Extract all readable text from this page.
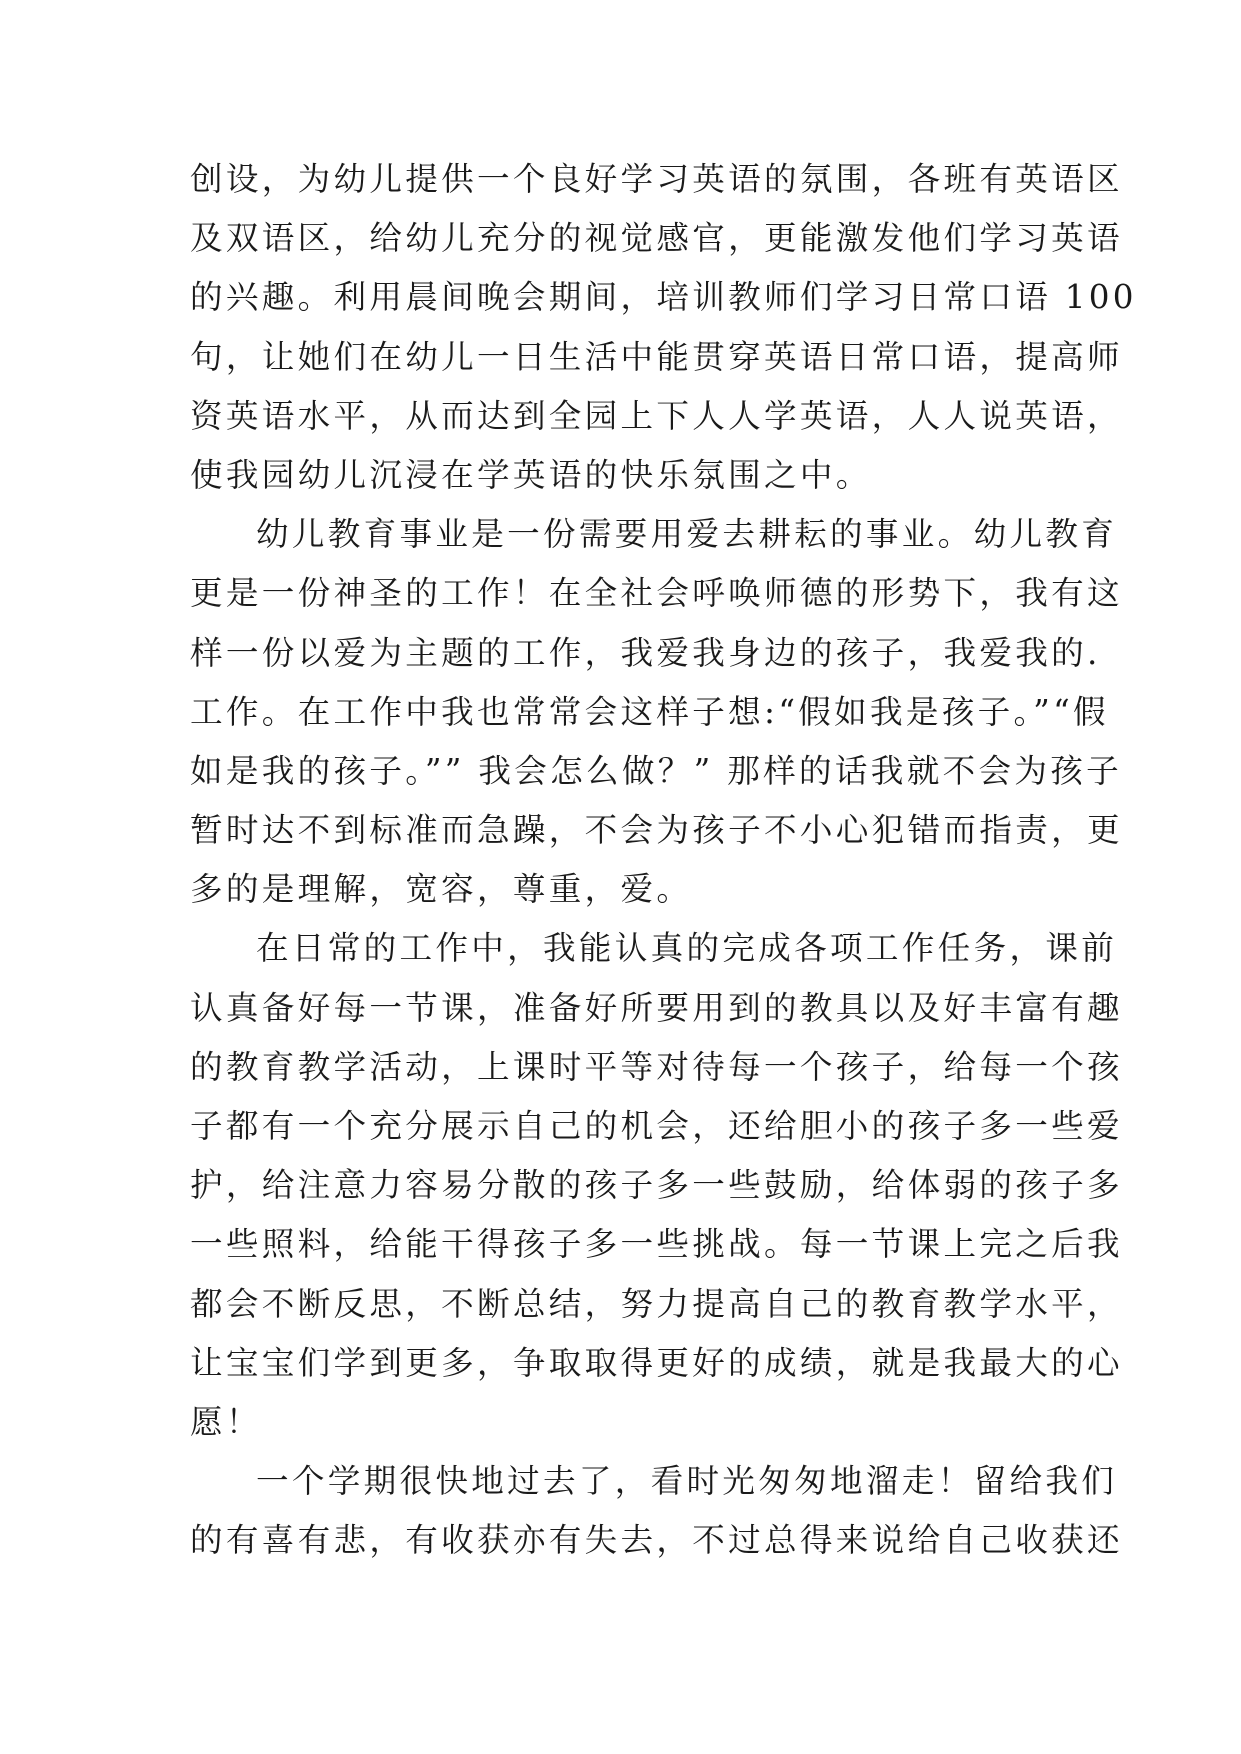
创设，为幼儿提供一个良好学习英语的氛围，各班有英语区
及双语区，给幼儿充分的视觉感官，更能激发他们学习英语
的兴趣。利用晨间晚会期间，培训教师们学习日常口语 100
句，让她们在幼儿一日生活中能贯穿英语日常口语，提高师
资英语水平，从而达到全园上下人人学英语，人人说英语，
使我园幼儿沉浸在学英语的快乐氛围之中。
幼儿教育事业是一份需要用爱去耕耘的事业。幼儿教育
更是一份神圣的工作！在全社会呼唤师德的形势下，我有这
样一份以爱为主题的工作，我爱我身边的孩子，我爱我的.
工作。在工作中我也常常会这样子想:“假如我是孩子。”“假
如是我的孩子。”” 我会怎么做？” 那样的话我就不会为孩子
暂时达不到标准而急躁，不会为孩子不小心犯错而指责，更
多的是理解，宽容，尊重，爱。
在日常的工作中，我能认真的完成各项工作任务，课前
认真备好每一节课，准备好所要用到的教具以及好丰富有趣
的教育教学活动，上课时平等对待每一个孩子，给每一个孩
子都有一个充分展示自己的机会，还给胆小的孩子多一些爱
护，给注意力容易分散的孩子多一些鼓励，给体弱的孩子多
一些照料，给能干得孩子多一些挑战。每一节课上完之后我
都会不断反思，不断总结，努力提高自己的教育教学水平，
让宝宝们学到更多，争取取得更好的成绩，就是我最大的心
愿！
一个学期很快地过去了，看时光匆匆地溜走！留给我们
的有喜有悲，有收获亦有失去，不过总得来说给自己收获还
